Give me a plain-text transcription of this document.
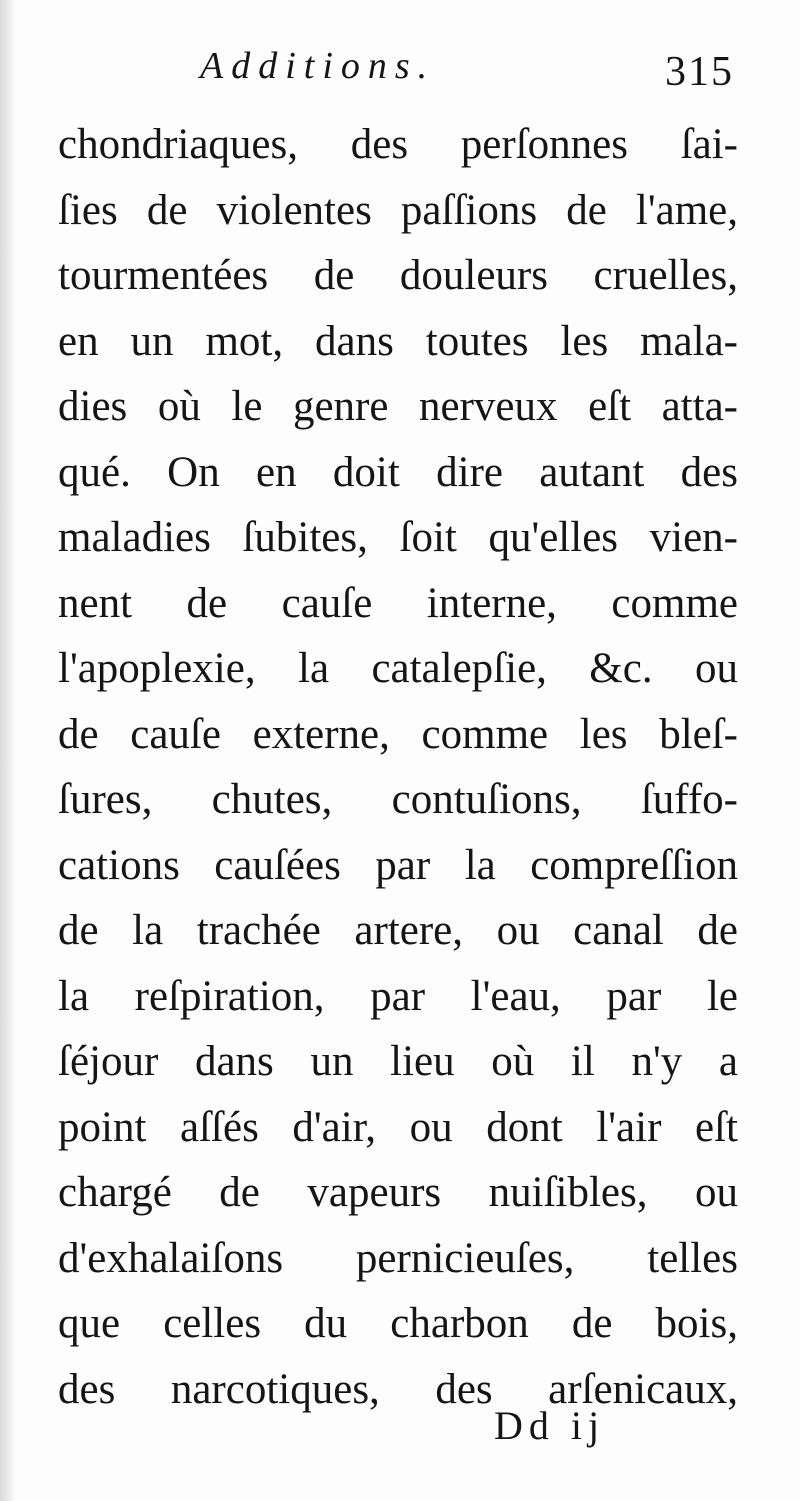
Additions.	315
chondriaques, des perſonnes ſai-
ſies de violentes paſſions de l'ame,
tourmentées de douleurs cruelles,
en un mot, dans toutes les mala-
dies où le genre nerveux eſt atta-
qué. On en doit dire autant des
maladies ſubites, ſoit qu'elles vien-
nent de cauſe interne, comme
l'apoplexie, la catalepſie, &c. ou
de cauſe externe, comme les bleſ-
ſures, chutes, contuſions, ſuffo-
cations cauſées par la compreſſion
de la trachée artere, ou canal de
la reſpiration, par l'eau, par le
ſéjour dans un lieu où il n'y a
point aſſés d'air, ou dont l'air eſt
chargé de vapeurs nuiſibles, ou
d'exhalaiſons pernicieuſes, telles
que celles du charbon de bois,
des narcotiques, des arſenicaux,
Dd ij
